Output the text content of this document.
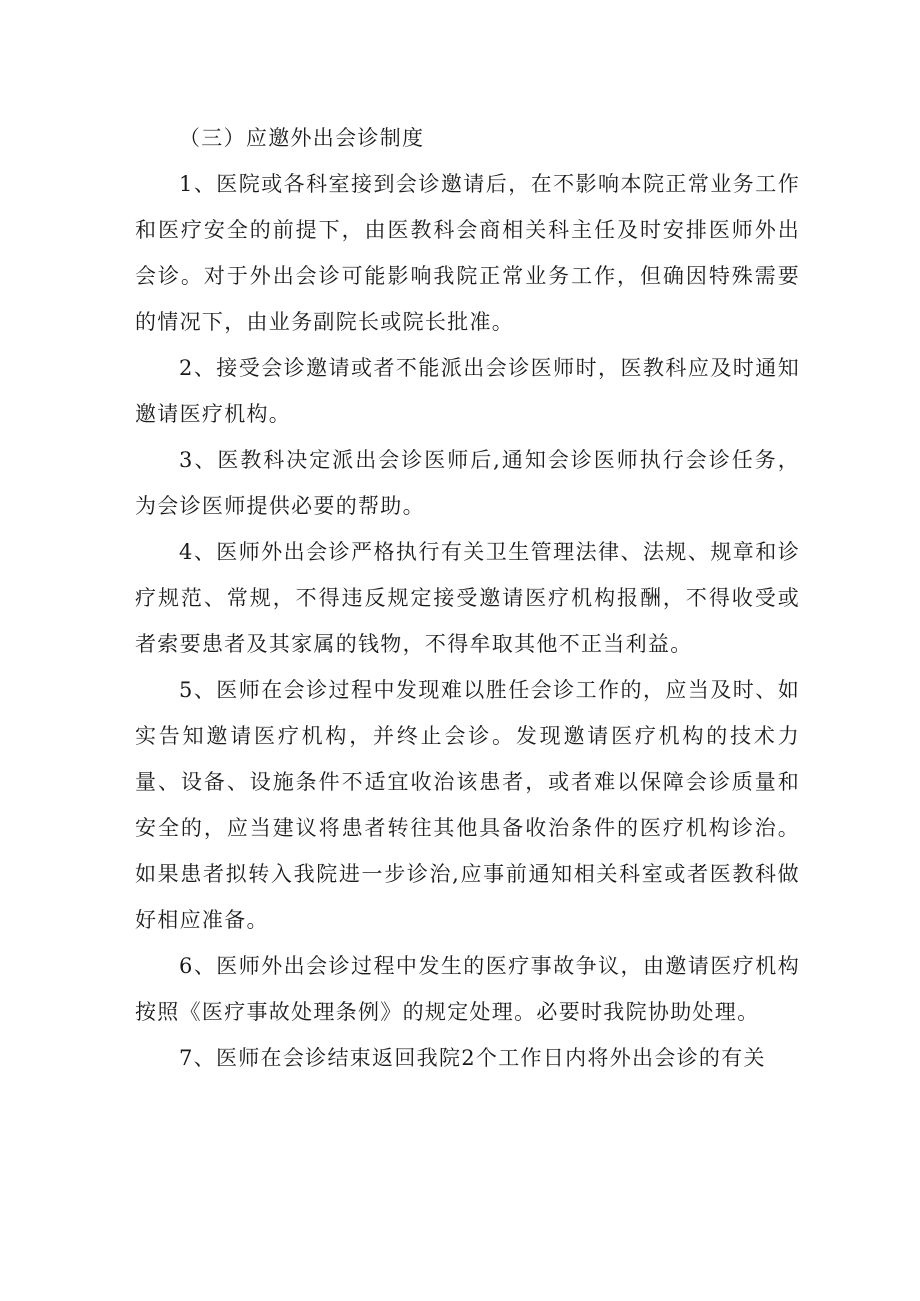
（三）应邀外出会诊制度

1、医院或各科室接到会诊邀请后，在不影响本院正常业务工作和医疗安全的前提下，由医教科会商相关科主任及时安排医师外出会诊。对于外出会诊可能影响我院正常业务工作，但确因特殊需要的情况下，由业务副院长或院长批准。

2、接受会诊邀请或者不能派出会诊医师时，医教科应及时通知邀请医疗机构。

3、医教科决定派出会诊医师后,通知会诊医师执行会诊任务，为会诊医师提供必要的帮助。

4、医师外出会诊严格执行有关卫生管理法律、法规、规章和诊疗规范、常规，不得违反规定接受邀请医疗机构报酬，不得收受或者索要患者及其家属的钱物，不得牟取其他不正当利益。

5、医师在会诊过程中发现难以胜任会诊工作的，应当及时、如实告知邀请医疗机构，并终止会诊。发现邀请医疗机构的技术力量、设备、设施条件不适宜收治该患者，或者难以保障会诊质量和安全的，应当建议将患者转往其他具备收治条件的医疗机构诊治。如果患者拟转入我院进一步诊治,应事前通知相关科室或者医教科做好相应准备。

6、医师外出会诊过程中发生的医疗事故争议，由邀请医疗机构按照《医疗事故处理条例》的规定处理。必要时我院协助处理。

7、医师在会诊结束返回我院2个工作日内将外出会诊的有关
